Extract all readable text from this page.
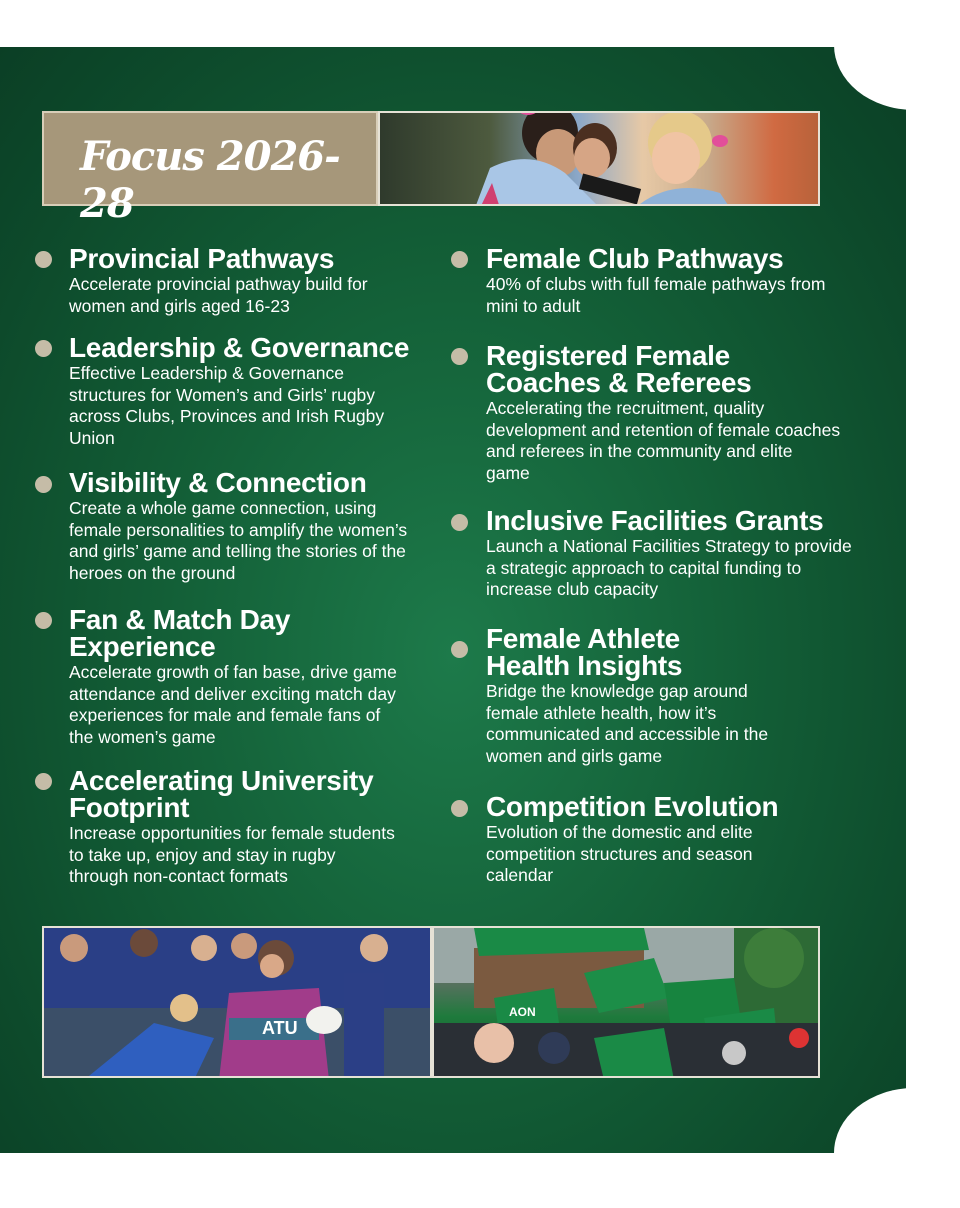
Focus 2026-28
Provincial Pathways

Accelerate provincial pathway build for women and girls aged 16-23

Leadership & Governance

Effective Leadership & Governance structures for Women’s and Girls’ rugby across Clubs, Provinces and Irish Rugby Union

Visibility & Connection

Create a whole game connection, using female personalities to amplify the women’s and girls’ game and telling the stories of the heroes on the ground

Fan & Match Day Experience

Accelerate growth of fan base, drive game attendance and deliver exciting match day experiences for male and female fans of the women’s game

Accelerating University Footprint

Increase opportunities for female students to take up, enjoy and stay in rugby through non-contact formats

Female Club Pathways

40% of clubs with full female pathways from mini to adult

Registered Female Coaches & Referees

Accelerating the recruitment, quality development and retention of female coaches and referees in the community and elite game

Inclusive Facilities Grants

Launch a National Facilities Strategy to provide a strategic approach to capital funding to increase club capacity

Female Athlete Health Insights

Bridge the knowledge gap around female athlete health, how it’s communicated and accessible in the women and girls game

Competition Evolution

Evolution of the domestic and elite competition structures and season calendar

ATU
AON
